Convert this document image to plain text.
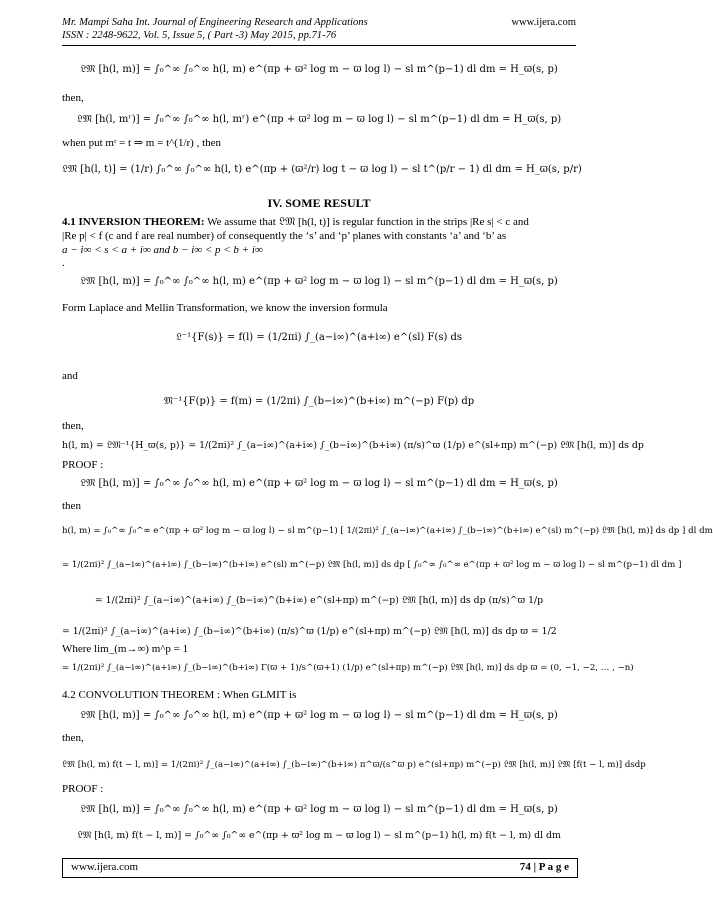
Mr. Mampi Saha Int. Journal of Engineering Research and Applications
ISSN : 2248-9622, Vol. 5, Issue 5, ( Part -3) May 2015, pp.71-76
www.ijera.com
𝔏𝔐 [h(l, m)] = ∫₀^∞ ∫₀^∞ h(l, m) e^(πp + ϖ² log m − ϖ log l) − sl m^(p−1) dl dm = H_ϖ(s, p)
then,
𝔏𝔐 [h(l, mʳ)] = ∫₀^∞ ∫₀^∞ h(l, mʳ) e^(πp + ϖ² log m − ϖ log l) − sl m^(p−1) dl dm = H_ϖ(s, p)
when put mʳ = t ⇒ m = t^(1/r) , then
𝔏𝔐 [h(l, t)] = (1/r) ∫₀^∞ ∫₀^∞ h(l, t) e^(πp + (ϖ²/r) log t − ϖ log l) − sl t^(p/r − 1) dl dm = H_ϖ(s, p/r)
IV. SOME RESULT
4.1 INVERSION THEOREM: We assume that 𝔏𝔐 [h(l, t)] is regular function in the strips |Re s| < c and
|Re p| < f (c and f are real number) of consequently the ‘s’ and ‘p’ planes with constants ‘a’ and ‘b’ as
a − i∞ < s < a + i∞ and b − i∞ < p < b + i∞
.
𝔏𝔐 [h(l, m)] = ∫₀^∞ ∫₀^∞ h(l, m) e^(πp + ϖ² log m − ϖ log l) − sl m^(p−1) dl dm = H_ϖ(s, p)
Form Laplace and Mellin Transformation, we know the inversion formula
𝔏⁻¹{F(s)} = f(l) = (1/2πi) ∫_(a−i∞)^(a+i∞) e^(sl) F(s) ds
and
𝔐⁻¹{F(p)} = f(m) = (1/2πi) ∫_(b−i∞)^(b+i∞) m^(−p) F(p) dp
then,
h(l, m) = 𝔏𝔐⁻¹{H_ϖ(s, p)} = 1/(2πi)² ∫_(a−i∞)^(a+i∞) ∫_(b−i∞)^(b+i∞) (π/s)^ϖ (1/p) e^(sl+πp) m^(−p) 𝔏𝔐 [h(l, m)] ds dp
PROOF :
𝔏𝔐 [h(l, m)] = ∫₀^∞ ∫₀^∞ h(l, m) e^(πp + ϖ² log m − ϖ log l) − sl m^(p−1) dl dm = H_ϖ(s, p)
then
h(l, m) = ∫₀^∞ ∫₀^∞ e^(πp + ϖ² log m − ϖ log l) − sl m^(p−1) [ 1/(2πi)² ∫_(a−i∞)^(a+i∞) ∫_(b−i∞)^(b+i∞) e^(sl) m^(−p) 𝔏𝔐 [h(l, m)] ds dp ] dl dm
= 1/(2πi)² ∫_(a−i∞)^(a+i∞) ∫_(b−i∞)^(b+i∞) e^(sl) m^(−p) 𝔏𝔐 [h(l, m)] ds dp [ ∫₀^∞ ∫₀^∞ e^(πp + ϖ² log m − ϖ log l) − sl m^(p−1) dl dm ]
= 1/(2πi)² ∫_(a−i∞)^(a+i∞) ∫_(b−i∞)^(b+i∞) e^(sl+πp) m^(−p) 𝔏𝔐 [h(l, m)] ds dp (π/s)^ϖ 1/p
= 1/(2πi)² ∫_(a−i∞)^(a+i∞) ∫_(b−i∞)^(b+i∞) (π/s)^ϖ (1/p) e^(sl+πp) m^(−p) 𝔏𝔐 [h(l, m)] ds dp ϖ = 1/2
Where lim_(m→∞) m^p = 1
= 1/(2πi)² ∫_(a−i∞)^(a+i∞) ∫_(b−i∞)^(b+i∞) Γ(ϖ + 1)/s^(ϖ+1) (1/p) e^(sl+πp) m^(−p) 𝔏𝔐 [h(l, m)] ds dp ϖ = (0, −1, −2, … , −n)
4.2 CONVOLUTION THEOREM : When GLMIT is
𝔏𝔐 [h(l, m)] = ∫₀^∞ ∫₀^∞ h(l, m) e^(πp + ϖ² log m − ϖ log l) − sl m^(p−1) dl dm = H_ϖ(s, p)
then,
𝔏𝔐 [h(l, m) f(t − l, m)] = 1/(2πi)² ∫_(a−i∞)^(a+i∞) ∫_(b−i∞)^(b+i∞) π^ϖ/(s^ϖ p) e^(sl+πp) m^(−p) 𝔏𝔐 [h(l, m)] 𝔏𝔐 [f(t − l, m)] dsdp
PROOF :
𝔏𝔐 [h(l, m)] = ∫₀^∞ ∫₀^∞ h(l, m) e^(πp + ϖ² log m − ϖ log l) − sl m^(p−1) dl dm = H_ϖ(s, p)
𝔏𝔐 [h(l, m) f(t − l, m)] = ∫₀^∞ ∫₀^∞ e^(πp + ϖ² log m − ϖ log l) − sl m^(p−1) h(l, m) f(t − l, m) dl dm
www.ijera.com	74 | P a g e
